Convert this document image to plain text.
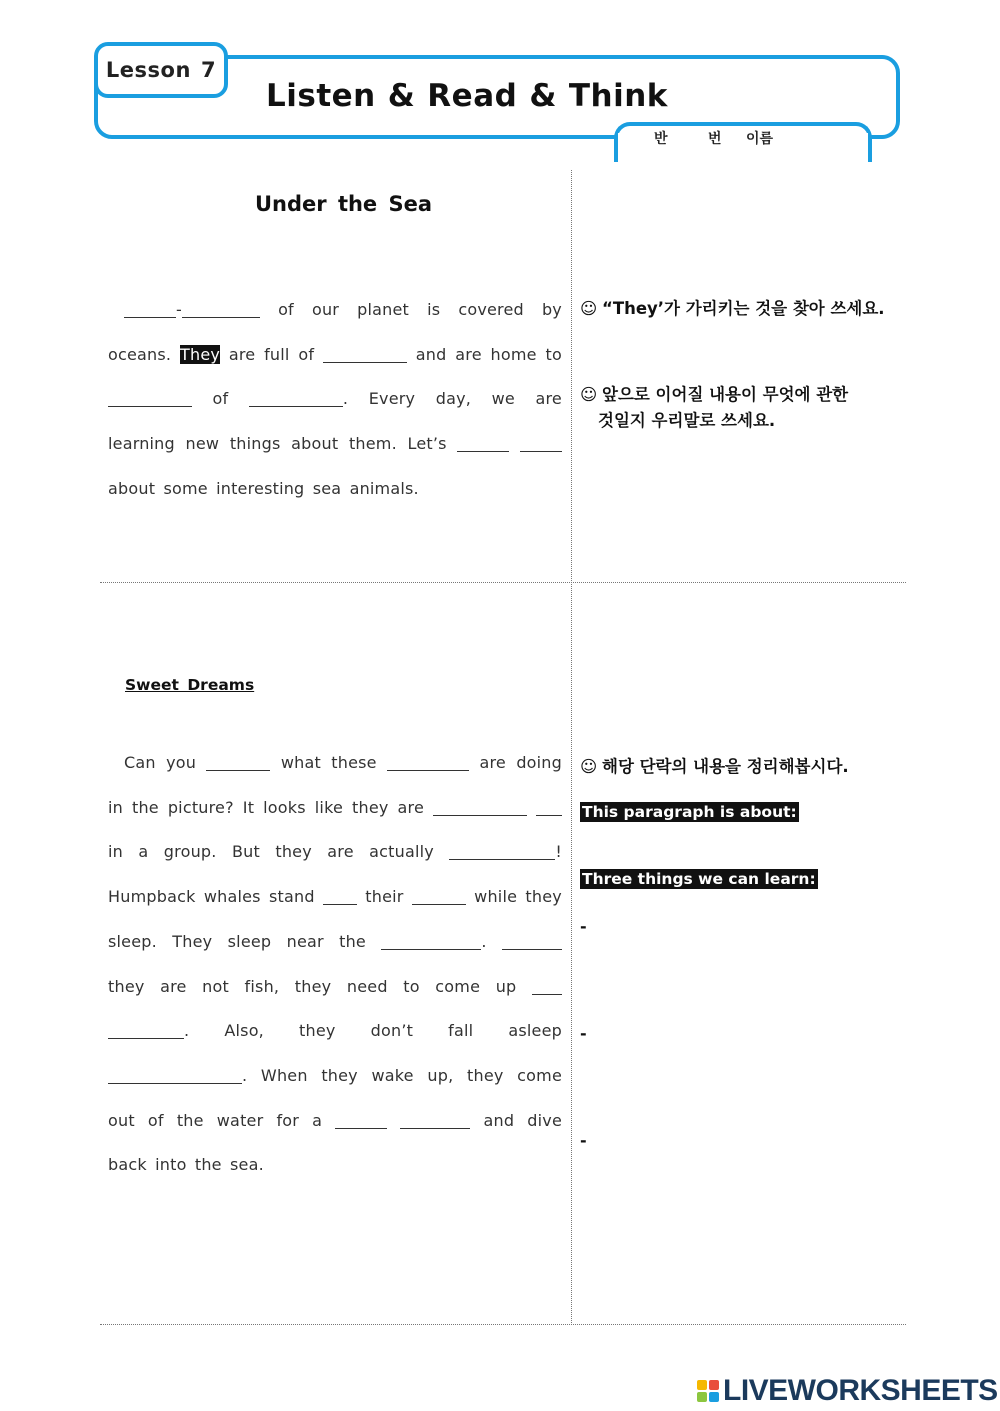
Lesson 7
Listen & Read & Think
반	번 이름
Under the Sea
-	of our planet is covered by oceans. They are full of	and are home to  of	. Every day, we are learning new things about them. Let’s   about some interesting sea animals.
☺ “They’가 가리키는 것을 찾아 쓰세요.
☺ 앞으로 이어질 내용이 무엇에 관한
것일지 우리말로 쓰세요.
Sweet Dreams
Can you	what these	are doing in the picture? It looks like they are   in a group. But they are actually	! Humpback whales stand	their	while they sleep. They sleep near the	.  they are not fish, they need to come up  . Also, they don’t fall asleep . When they wake up, they come out of the water for a	and dive back into the sea.
☺ 해당 단락의 내용을 정리해봅시다.
This paragraph is about:
Three things we can learn:
-
-
-
LIVEWORKSHEETS
